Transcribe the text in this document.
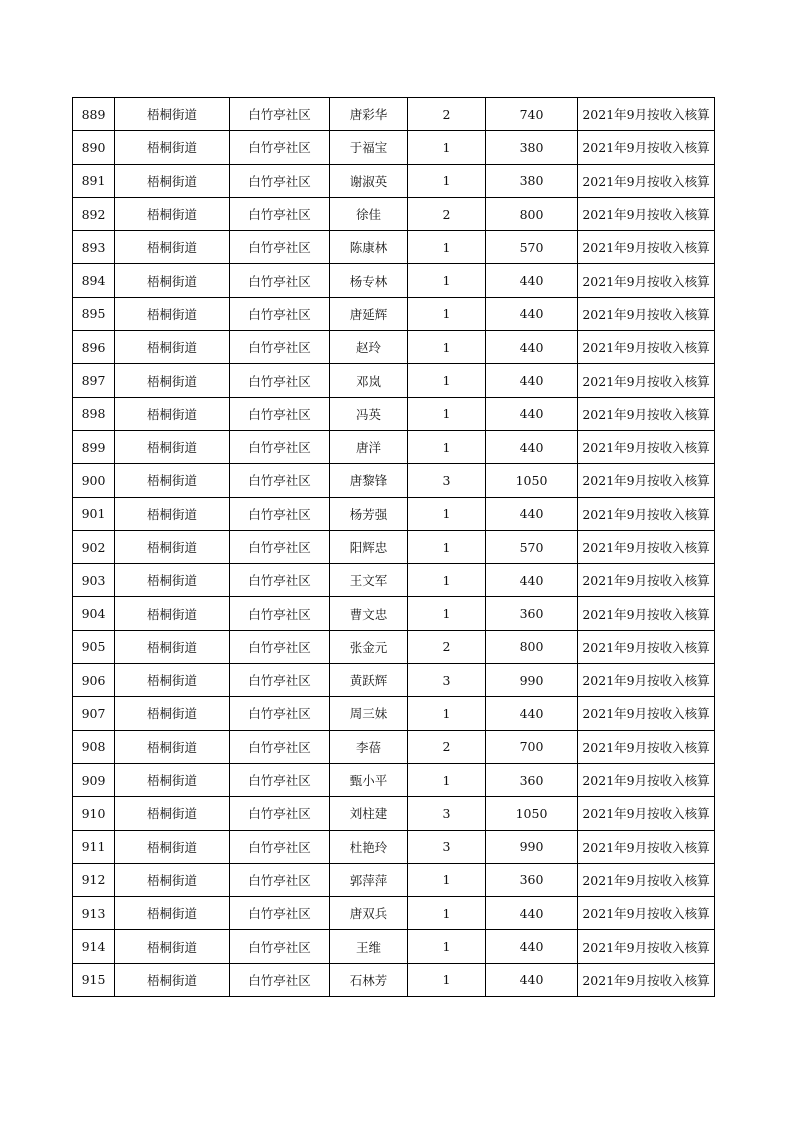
889	梧桐街道	白竹亭社区	唐彩华	2	740	2021年9月按收入核算
890	梧桐街道	白竹亭社区	于福宝	1	380	2021年9月按收入核算
891	梧桐街道	白竹亭社区	谢淑英	1	380	2021年9月按收入核算
892	梧桐街道	白竹亭社区	徐佳	2	800	2021年9月按收入核算
893	梧桐街道	白竹亭社区	陈康林	1	570	2021年9月按收入核算
894	梧桐街道	白竹亭社区	杨专林	1	440	2021年9月按收入核算
895	梧桐街道	白竹亭社区	唐延辉	1	440	2021年9月按收入核算
896	梧桐街道	白竹亭社区	赵玲	1	440	2021年9月按收入核算
897	梧桐街道	白竹亭社区	邓岚	1	440	2021年9月按收入核算
898	梧桐街道	白竹亭社区	冯英	1	440	2021年9月按收入核算
899	梧桐街道	白竹亭社区	唐洋	1	440	2021年9月按收入核算
900	梧桐街道	白竹亭社区	唐黎锋	3	1050	2021年9月按收入核算
901	梧桐街道	白竹亭社区	杨芳强	1	440	2021年9月按收入核算
902	梧桐街道	白竹亭社区	阳辉忠	1	570	2021年9月按收入核算
903	梧桐街道	白竹亭社区	王文军	1	440	2021年9月按收入核算
904	梧桐街道	白竹亭社区	曹文忠	1	360	2021年9月按收入核算
905	梧桐街道	白竹亭社区	张金元	2	800	2021年9月按收入核算
906	梧桐街道	白竹亭社区	黄跃辉	3	990	2021年9月按收入核算
907	梧桐街道	白竹亭社区	周三妹	1	440	2021年9月按收入核算
908	梧桐街道	白竹亭社区	李蓓	2	700	2021年9月按收入核算
909	梧桐街道	白竹亭社区	甄小平	1	360	2021年9月按收入核算
910	梧桐街道	白竹亭社区	刘柱建	3	1050	2021年9月按收入核算
911	梧桐街道	白竹亭社区	杜艳玲	3	990	2021年9月按收入核算
912	梧桐街道	白竹亭社区	郭萍萍	1	360	2021年9月按收入核算
913	梧桐街道	白竹亭社区	唐双兵	1	440	2021年9月按收入核算
914	梧桐街道	白竹亭社区	王维	1	440	2021年9月按收入核算
915	梧桐街道	白竹亭社区	石林芳	1	440	2021年9月按收入核算
